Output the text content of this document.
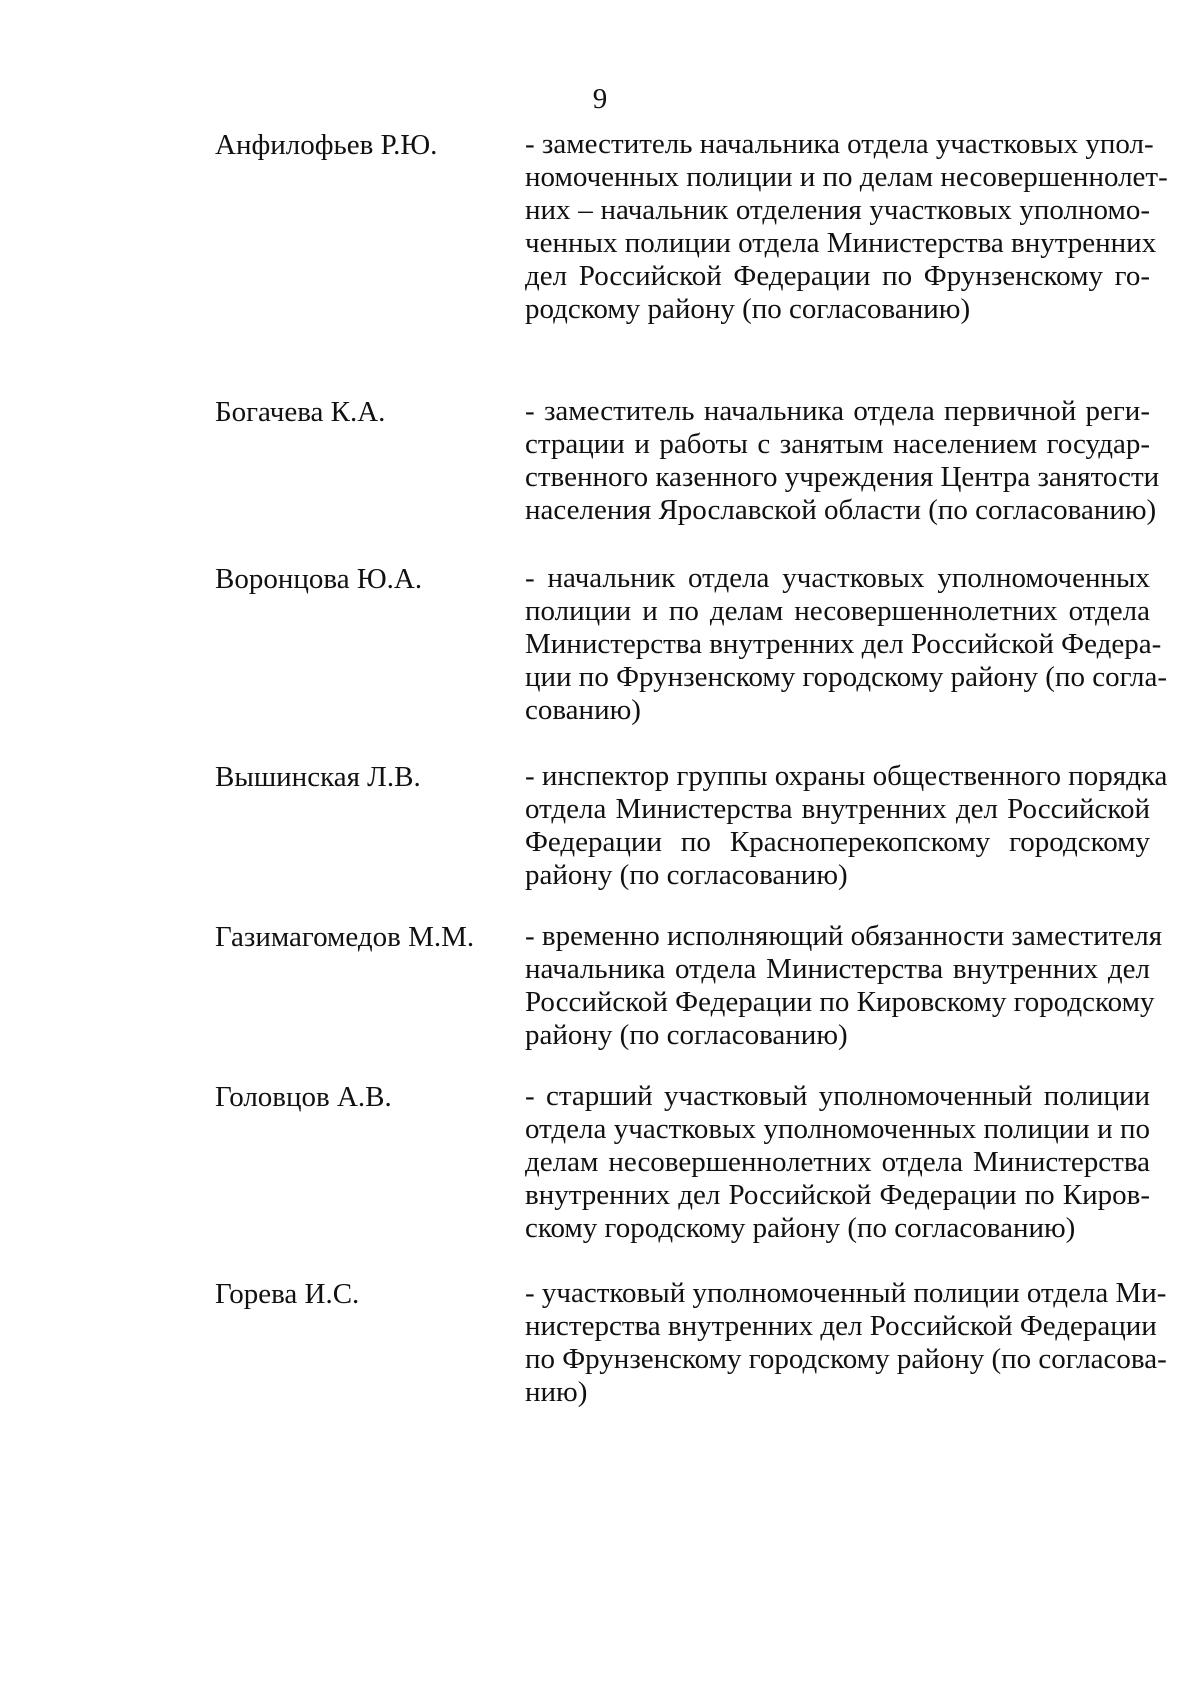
9
Анфилофьев Р.Ю.	- заместитель начальника отдела участковых упол-
номоченных полиции и по делам несовершеннолет-
них – начальник отделения участковых уполномо-
ченных полиции отдела Министерства внутренних
дел Российской Федерации по Фрунзенскому го-
родскому району (по согласованию)
Богачева К.А.	- заместитель начальника отдела первичной реги-
страции и работы с занятым населением государ-
ственного казенного учреждения Центра занятости
населения Ярославской области (по согласованию)
Воронцова Ю.А.	- начальник отдела участковых уполномоченных
полиции и по делам несовершеннолетних отдела
Министерства внутренних дел Российской Федера-
ции по Фрунзенскому городскому району (по согла-
сованию)
Вышинская Л.В.	- инспектор группы охраны общественного порядка
отдела Министерства внутренних дел Российской
Федерации по Красноперекопскому городскому
району (по согласованию)
Газимагомедов М.М. - временно исполняющий обязанности заместителя
начальника отдела Министерства внутренних дел
Российской Федерации по Кировскому городскому
району (по согласованию)
Головцов А.В.	- старший участковый уполномоченный полиции
отдела участковых уполномоченных полиции и по
делам несовершеннолетних отдела Министерства
внутренних дел Российской Федерации по Киров-
скому городскому району (по согласованию)
Горева И.С.	- участковый уполномоченный полиции отдела Ми-
нистерства внутренних дел Российской Федерации
по Фрунзенскому городскому району (по согласова-
нию)
